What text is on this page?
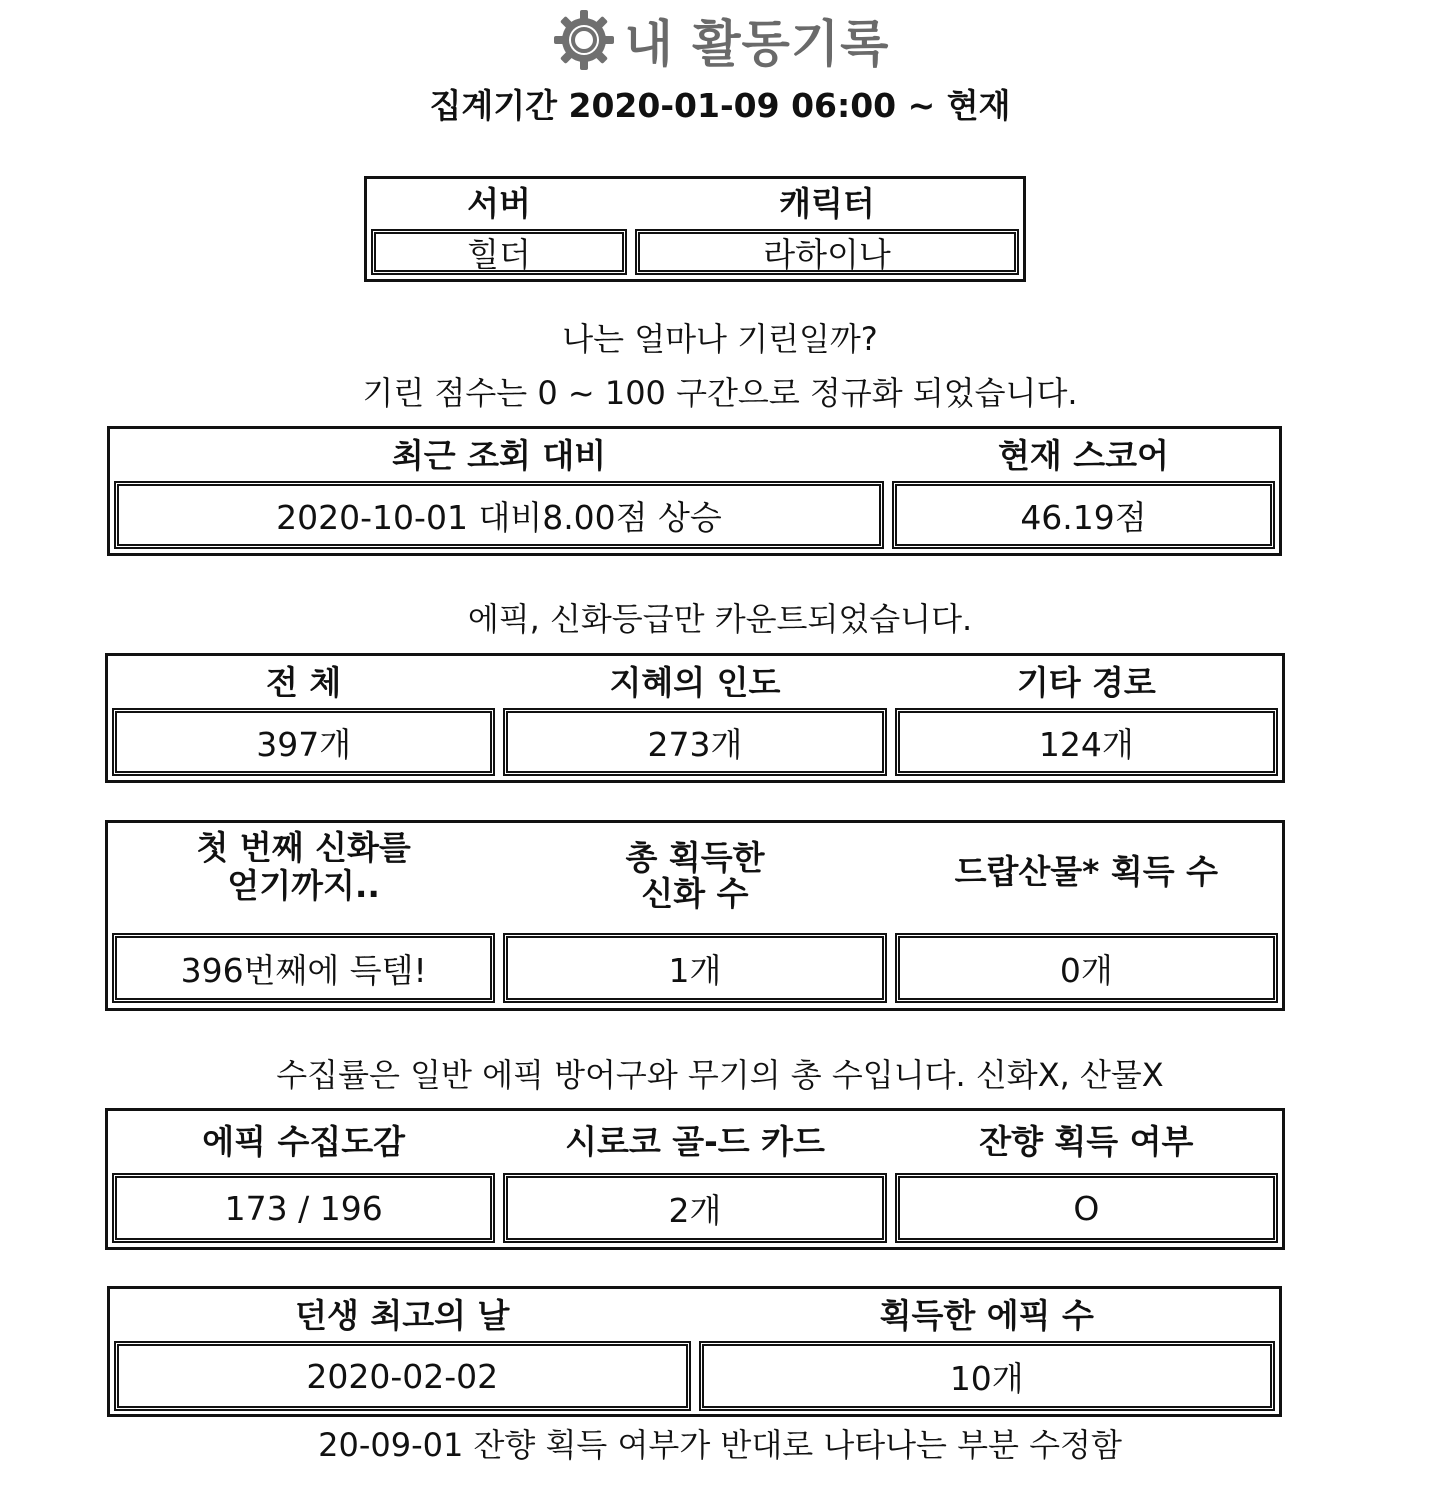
내 활동기록
집계기간 2020-01-09 06:00 ~ 현재
서버
힐더
캐릭터
라하이나
나는 얼마나 기린일까?
기린 점수는 0 ~ 100 구간으로 정규화 되었습니다.
최근 조회 대비
2020-10-01 대비8.00점 상승
현재 스코어
46.19점
에픽, 신화등급만 카운트되었습니다.
전 체
397개
지혜의 인도
273개
기타 경로
124개
첫 번째 신화를
얻기까지..
396번째에 득템!
총 획득한
신화 수
1개
드랍산물* 획득 수
0개
수집률은 일반 에픽 방어구와 무기의 총 수입니다. 신화X, 산물X
에픽 수집도감
173 / 196
시로코 골-드 카드
2개
잔향 획득 여부
O
던생 최고의 날
2020-02-02
획득한 에픽 수
10개
20-09-01 잔향 획득 여부가 반대로 나타나는 부분 수정함
